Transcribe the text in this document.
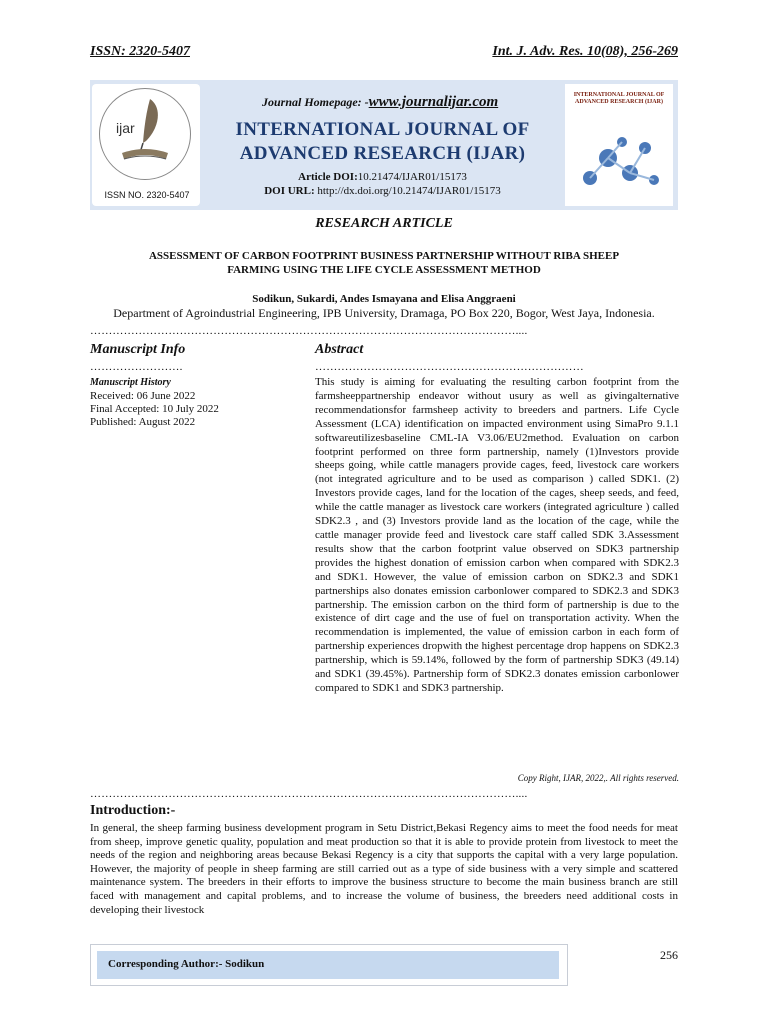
ISSN: 2320-5407	Int. J. Adv. Res. 10(08), 256-269
ijar
ISSN NO. 2320-5407
Journal Homepage: -www.journalijar.com
INTERNATIONAL JOURNAL OF
ADVANCED RESEARCH (IJAR)
Article DOI:10.21474/IJAR01/15173
DOI URL: http://dx.doi.org/10.21474/IJAR01/15173
INTERNATIONAL JOURNAL OF ADVANCED RESEARCH (IJAR)
RESEARCH ARTICLE
ASSESSMENT OF CARBON FOOTPRINT BUSINESS PARTNERSHIP WITHOUT RIBA SHEEP
FARMING USING THE LIFE CYCLE ASSESSMENT METHOD
Sodikun, Sukardi, Andes Ismayana and Elisa Anggraeni
Department of Agroindustrial Engineering, IPB University, Dramaga, PO Box 220, Bogor, West Jaya, Indonesia.
……………………………………………………………………………………………………....
Manuscript Info
…………………….
Manuscript History
Received: 06 June 2022
Final Accepted: 10 July 2022
Published: August 2022
Abstract
………………………………………………………………
This study is aiming for evaluating the resulting carbon footprint from the farmsheeppartnership endeavor without usury as well as givingalternative recommendationsfor farmsheep activity to breeders and partners. Life Cycle Assessment (LCA) identification on impacted environment using SimaPro 9.1.1 softwareutilizesbaseline CML-IA V3.06/EU2method. Evaluation on carbon footprint performed on three form partnership, namely (1)Investors provide sheeps going, while cattle managers provide cages, feed, livestock care workers (not integrated agriculture and to be used as comparison ) called SDK1. (2) Investors provide cages, land for the location of the cages, sheep seeds, and feed, while the cattle manager as livestock care workers (integrated agriculture ) called SDK2.3 , and (3) Investors provide land as the location of the cage, while the cattle manager provide feed and livestock care staff called SDK 3.Assessment results show that the carbon footprint value observed on SDK3 partnership provides the highest donation of emission carbon when compared with SDK2.3 and SDK1. However, the value of emission carbon on SDK2.3 and SDK1 partnerships also donates emission carbonlower compared to SDK2.3 and SDK3 partnership. The emission carbon on the third form of partnership is due to the existence of dirt cage and the use of fuel on transportation activity. When the recommendation is implemented, the value of emission carbon in each form of partnership experiences dropwith the highest percentage drop happens on SDK2.3 partnership, which is 59.14%, followed by the form of partnership SDK3 (49.14) and SDK1 (39.45%). Partnership form of SDK2.3 donates emission carbonlower compared to SDK1 and SDK3 partnership.
Copy Right, IJAR, 2022,. All rights reserved.
……………………………………………………………………………………………………....
Introduction:-
In general, the sheep farming business development program in Setu District,Bekasi Regency aims to meet the food needs for meat from sheep, improve genetic quality, population and meat production so that it is able to provide protein from livestock to meet the needs of the region and neighboring areas because Bekasi Regency is a city that supports the capital with a very large population. However, the majority of people in sheep farming are still carried out as a type of side business with a very simple and scattered maintenance system. The breeders in their efforts to improve the business structure to become the main business branch are still faced with management and capital problems, and to increase the volume of business, the breeders need additional costs in developing their livestock
Corresponding Author:- Sodikun
256
